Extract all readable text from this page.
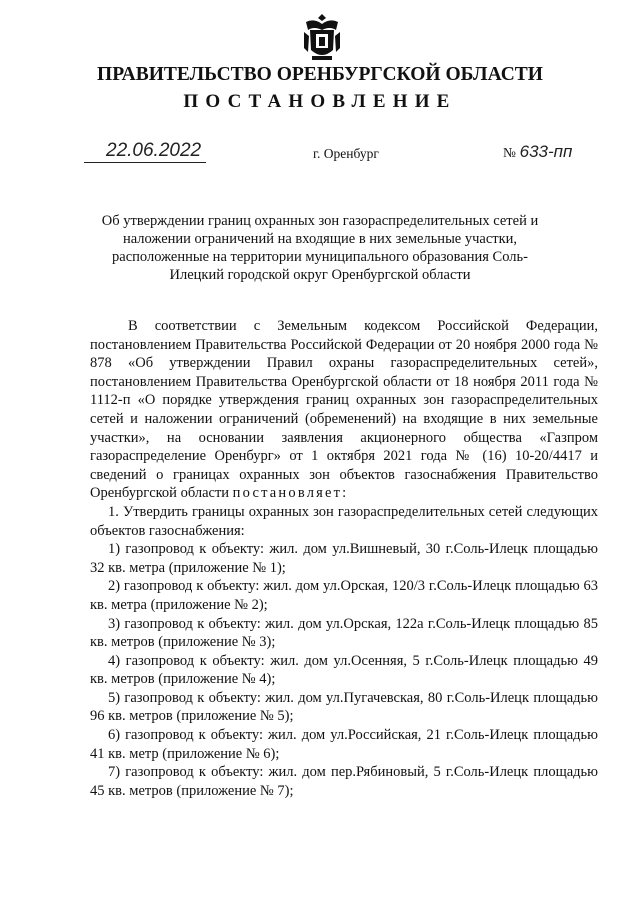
ПРАВИТЕЛЬСТВО ОРЕНБУРГСКОЙ ОБЛАСТИ
ПОСТАНОВЛЕНИЕ
22.06.2022	г. Оренбург	№ 633-пп
Об утверждении границ охранных зон газораспределительных сетей и наложении ограничений на входящие в них земельные участки, расположенные на территории муниципального образования Соль-Илецкий городской округ Оренбургской области

В соответствии с Земельным кодексом Российской Федерации, постановлением Правительства Российской Федерации от 20 ноября 2000 года № 878 «Об утверждении Правил охраны газораспределительных сетей», постановлением Правительства Оренбургской области от 18 ноября 2011 года № 1112-п «О порядке утверждения границ охранных зон газораспределительных сетей и наложении ограничений (обременений) на входящие в них земельные участки», на основании заявления акционерного общества «Газпром газораспределение Оренбург» от 1 октября 2021 года № (16) 10-20/4417 и сведений о границах охранных зон объектов газоснабжения Правительство Оренбургской области постановляет:

1. Утвердить границы охранных зон газораспределительных сетей следующих объектов газоснабжения:

1) газопровод к объекту: жил. дом ул.Вишневый, 30 г.Соль-Илецк площадью 32 кв. метра (приложение № 1);

2) газопровод к объекту: жил. дом ул.Орская, 120/3 г.Соль-Илецк площадью 63 кв. метра (приложение № 2);

3) газопровод к объекту: жил. дом ул.Орская, 122а г.Соль-Илецк площадью 85 кв. метров (приложение № 3);

4) газопровод к объекту: жил. дом ул.Осенняя, 5 г.Соль-Илецк площадью 49 кв. метров (приложение № 4);

5) газопровод к объекту: жил. дом ул.Пугачевская, 80 г.Соль-Илецк площадью 96 кв. метров (приложение № 5);

6) газопровод к объекту: жил. дом ул.Российская, 21 г.Соль-Илецк площадью 41 кв. метр (приложение № 6);

7) газопровод к объекту: жил. дом пер.Рябиновый, 5 г.Соль-Илецк площадью 45 кв. метров (приложение № 7);
